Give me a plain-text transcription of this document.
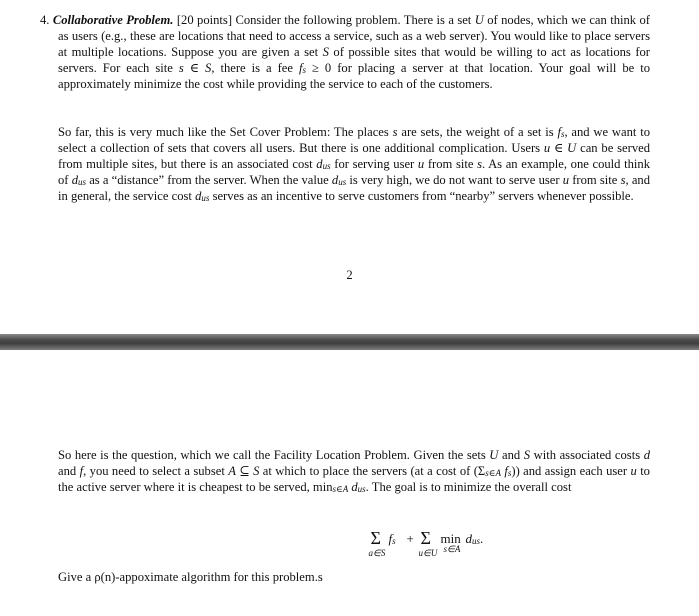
4. Collaborative Problem. [20 points] Consider the following problem. There is a set U of nodes, which we can think of as users (e.g., these are locations that need to access a service, such as a web server). You would like to place servers at multiple locations. Suppose you are given a set S of possible sites that would be willing to act as locations for servers. For each site s ∈ S, there is a fee $f_s \ge 0$ for placing a server at that location. Your goal will be to approximately minimize the cost while providing the service to each of the customers.

So far, this is very much like the Set Cover Problem: The places s are sets, the weight of a set is $f_s$, and we want to select a collection of sets that covers all users. But there is one additional complication. Users u ∈ U can be served from multiple sites, but there is an associated cost $d_{us}$ for serving user u from site s. As an example, one could think of $d_{us}$ as a “distance” from the server. When the value $d_{us}$ is very high, we do not want to serve user u from site s, and in general, the service cost $d_{us}$ serves as an incentive to serve customers from “nearby” servers whenever possible.

2

So here is the question, which we call the Facility Location Problem. Given the sets U and S with associated costs d and f, you need to select a subset A ⊆ S at which to place the servers (at a cost of ($\Sigma_{s\in A}$ $f_s$)) and assign each user u to the active server where it is cheapest to be served, $\min_{s\in A} d_{us}$. The goal is to minimize the overall cost

Σ
a∈S
$f_s + \Sigma$
u∈U
min
s∈A
$d_{us}$.

Give a ρ(n)-appoximate algorithm for this problem.s
